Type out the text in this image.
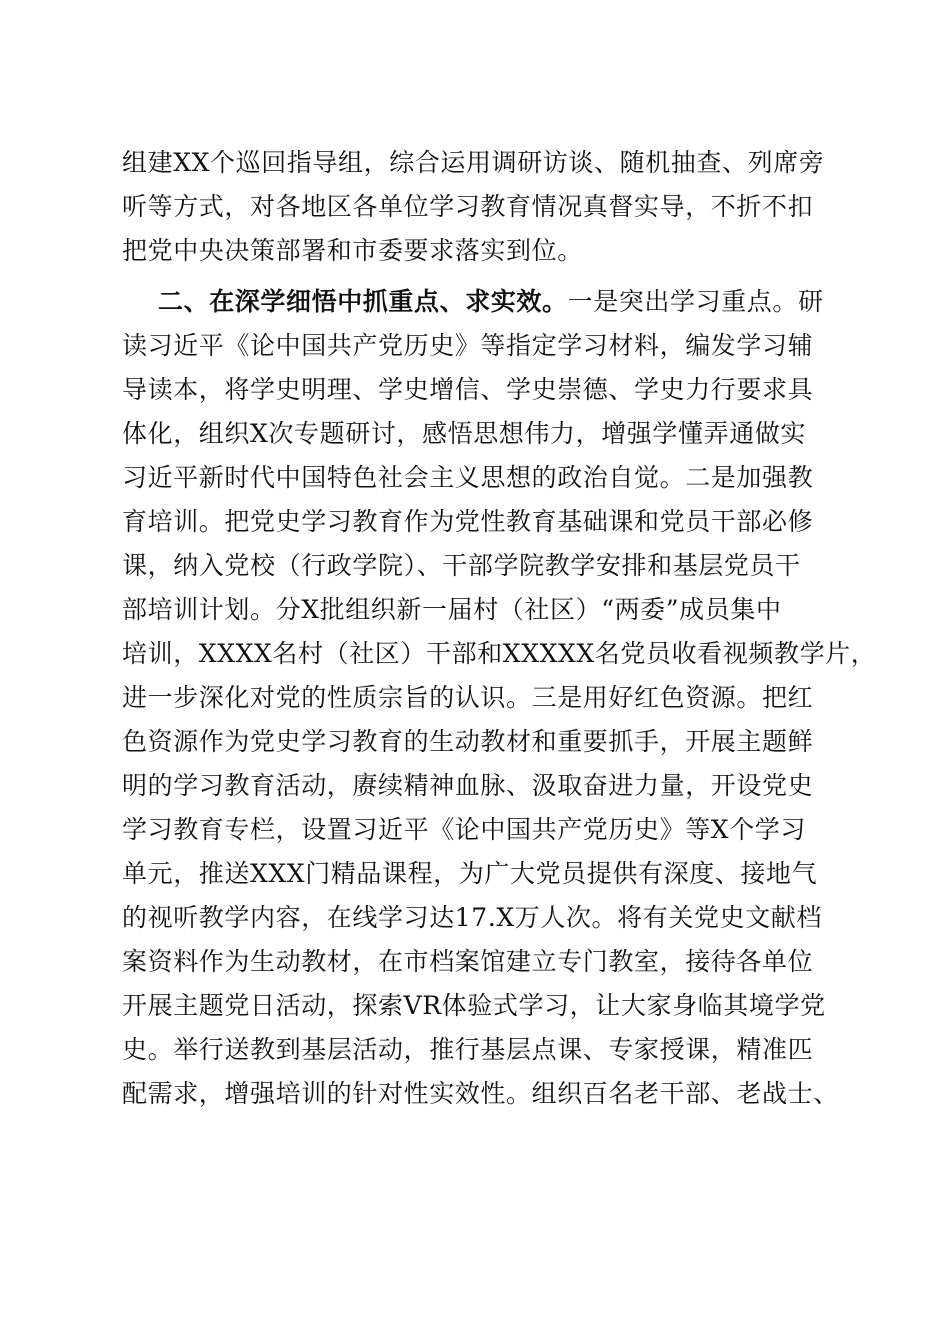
组建XX个巡回指导组，综合运用调研访谈、随机抽查、列席旁
听等方式，对各地区各单位学习教育情况真督实导，不折不扣
把党中央决策部署和市委要求落实到位。
二、在深学细悟中抓重点、求实效。一是突出学习重点。研
读习近平《论中国共产党历史》等指定学习材料，编发学习辅
导读本，将学史明理、学史增信、学史崇德、学史力行要求具
体化，组织X次专题研讨，感悟思想伟力，增强学懂弄通做实
习近平新时代中国特色社会主义思想的政治自觉。二是加强教
育培训。把党史学习教育作为党性教育基础课和党员干部必修
课，纳入党校（行政学院）、干部学院教学安排和基层党员干
部培训计划。分X批组织新一届村（社区）“两委”成员集中
培训，XXXX名村（社区）干部和XXXXX名党员收看视频教学片，
进一步深化对党的性质宗旨的认识。三是用好红色资源。把红
色资源作为党史学习教育的生动教材和重要抓手，开展主题鲜
明的学习教育活动，赓续精神血脉、汲取奋进力量，开设党史
学习教育专栏，设置习近平《论中国共产党历史》等X个学习
单元，推送XXX门精品课程，为广大党员提供有深度、接地气
的视听教学内容，在线学习达17.X万人次。将有关党史文献档
案资料作为生动教材，在市档案馆建立专门教室，接待各单位
开展主题党日活动，探索VR体验式学习，让大家身临其境学党
史。举行送教到基层活动，推行基层点课、专家授课，精准匹
配需求，增强培训的针对性实效性。组织百名老干部、老战士、
